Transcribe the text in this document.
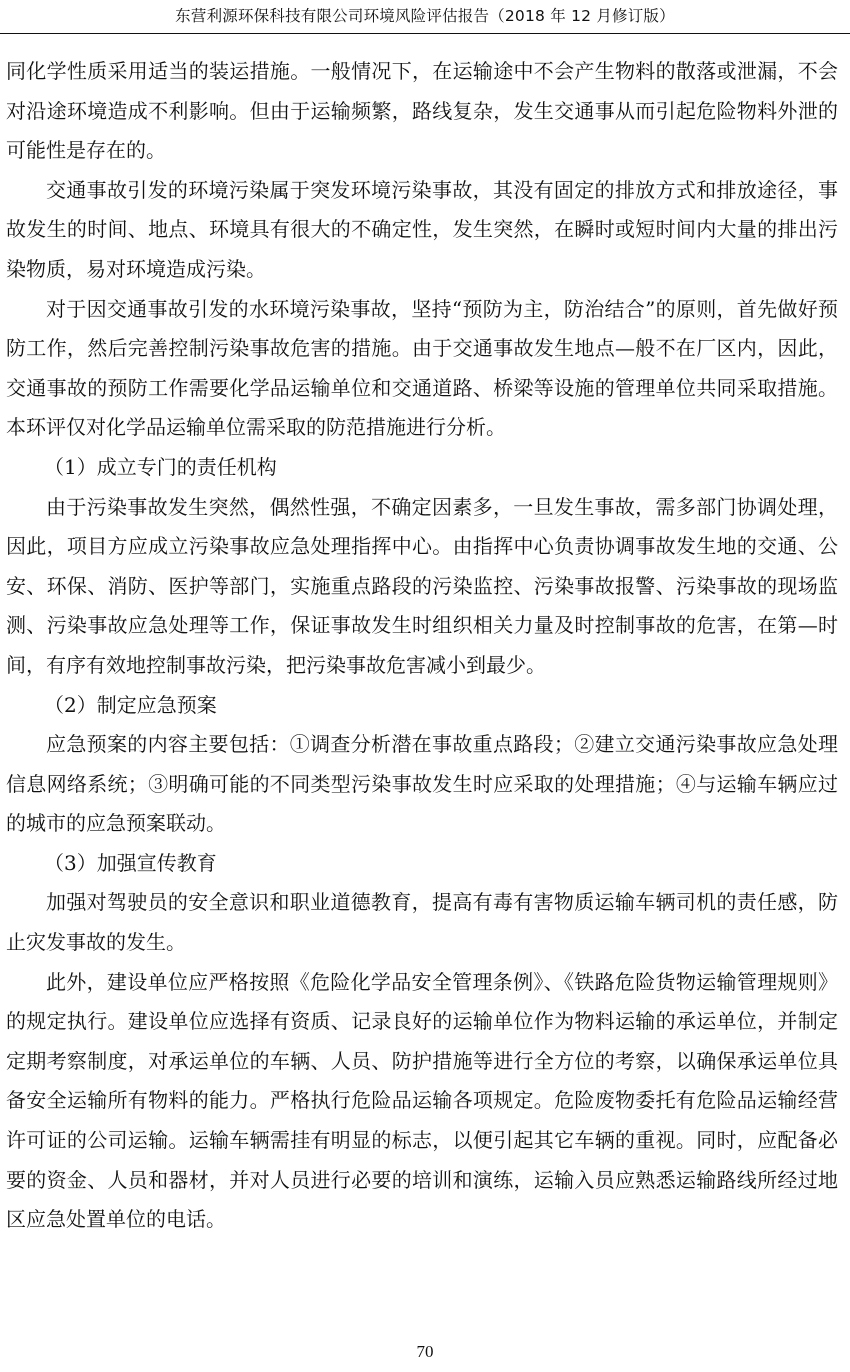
东营利源环保科技有限公司环境风险评估报告（2018 年 12 月修订版）

同化学性质采用适当的装运措施。一般情况下，在运输途中不会产生物料的散落或泄漏，不会对沿途环境造成不利影响。但由于运输频繁，路线复杂，发生交通事从而引起危险物料外泄的可能性是存在的。

交通事故引发的环境污染属于突发环境污染事故，其没有固定的排放方式和排放途径，事故发生的时间、地点、环境具有很大的不确定性，发生突然，在瞬时或短时间内大量的排出污染物质，易对环境造成污染。

对于因交通事故引发的水环境污染事故，坚持“预防为主，防治结合”的原则，首先做好预防工作，然后完善控制污染事故危害的措施。由于交通事故发生地点—般不在厂区内，因此，交通事故的预防工作需要化学品运输单位和交通道路、桥梁等设施的管理单位共同采取措施。本环评仅对化学品运输单位需采取的防范措施进行分析。

（1）成立专门的责任机构

由于污染事故发生突然，偶然性强，不确定因素多，一旦发生事故，需多部门协调处理，因此，项目方应成立污染事故应急处理指挥中心。由指挥中心负责协调事故发生地的交通、公安、环保、消防、医护等部门，实施重点路段的污染监控、污染事故报警、污染事故的现场监测、污染事故应急处理等工作，保证事故发生时组织相关力量及时控制事故的危害，在第—时间，有序有效地控制事故污染，把污染事故危害减小到最少。

（2）制定应急预案

应急预案的内容主要包括：①调查分析潜在事故重点路段；②建立交通污染事故应急处理信息网络系统；③明确可能的不同类型污染事故发生时应采取的处理措施；④与运输车辆应过的城市的应急预案联动。

（3）加强宣传教育

加强对驾驶员的安全意识和职业道德教育，提高有毒有害物质运输车辆司机的责任感，防止灾发事故的发生。

此外，建设单位应严格按照《危险化学品安全管理条例》、《铁路危险货物运输管理规则》的规定执行。建设单位应选择有资质、记录良好的运输单位作为物料运输的承运单位，并制定定期考察制度，对承运单位的车辆、人员、防护措施等进行全方位的考察，以确保承运单位具备安全运输所有物料的能力。严格执行危险品运输各项规定。危险废物委托有危险品运输经营许可证的公司运输。运输车辆需挂有明显的标志，以便引起其它车辆的重视。同时，应配备必要的资金、人员和器材，并对人员进行必要的培训和演练，运输入员应熟悉运输路线所经过地区应急处置单位的电话。

70
